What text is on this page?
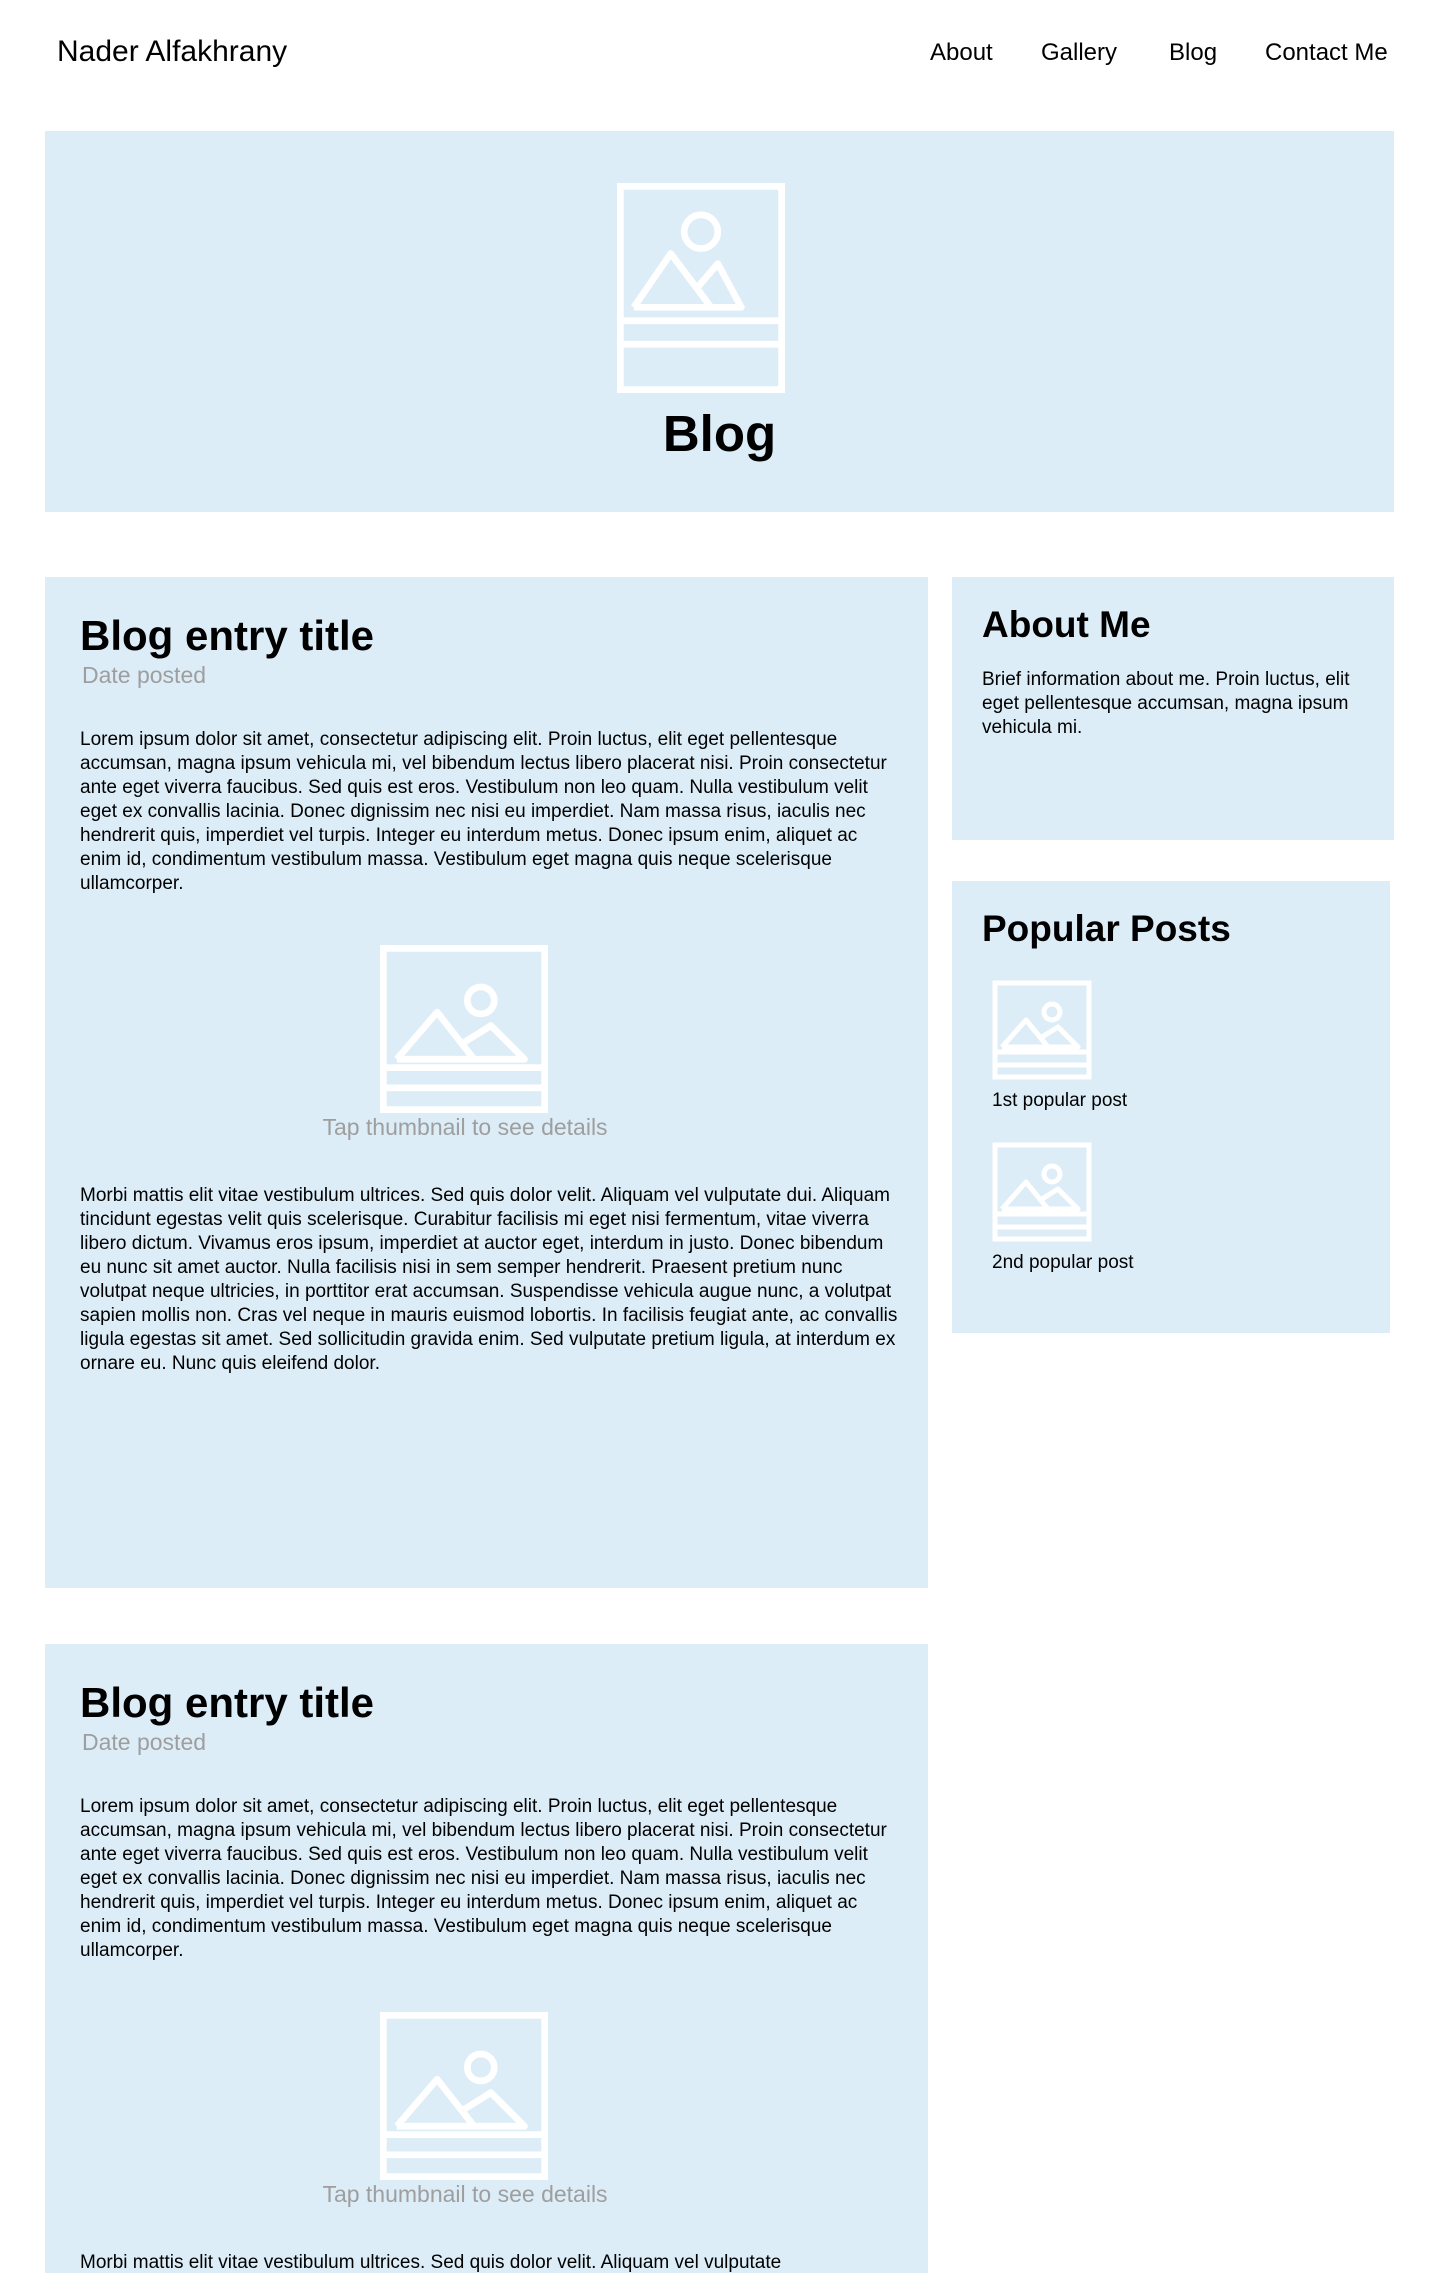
Nader Alfakhrany	About Gallery Blog Contact Me
Blog
Blog entry title
Date posted

Lorem ipsum dolor sit amet, consectetur adipiscing elit. Proin luctus, elit eget pellentesque accumsan, magna ipsum vehicula mi, vel bibendum lectus libero placerat nisi. Proin consectetur ante eget viverra faucibus. Sed quis est eros. Vestibulum non leo quam. Nulla vestibulum velit eget ex convallis lacinia. Donec dignissim nec nisi eu imperdiet. Nam massa risus, iaculis nec hendrerit quis, imperdiet vel turpis. Integer eu interdum metus. Donec ipsum enim, aliquet ac enim id, condimentum vestibulum massa. Vestibulum eget magna quis neque scelerisque ullamcorper.

Tap thumbnail to see details

Morbi mattis elit vitae vestibulum ultrices. Sed quis dolor velit. Aliquam vel vulputate dui. Aliquam tincidunt egestas velit quis scelerisque. Curabitur facilisis mi eget nisi fermentum, vitae viverra libero dictum. Vivamus eros ipsum, imperdiet at auctor eget, interdum in justo. Donec bibendum eu nunc sit amet auctor. Nulla facilisis nisi in sem semper hendrerit. Praesent pretium nunc volutpat neque ultricies, in porttitor erat accumsan. Suspendisse vehicula augue nunc, a volutpat sapien mollis non. Cras vel neque in mauris euismod lobortis. In facilisis feugiat ante, ac convallis ligula egestas sit amet. Sed sollicitudin gravida enim. Sed vulputate pretium ligula, at interdum ex ornare eu. Nunc quis eleifend dolor.

Blog entry title
Date posted

Lorem ipsum dolor sit amet, consectetur adipiscing elit. Proin luctus, elit eget pellentesque accumsan, magna ipsum vehicula mi, vel bibendum lectus libero placerat nisi. Proin consectetur ante eget viverra faucibus. Sed quis est eros. Vestibulum non leo quam. Nulla vestibulum velit eget ex convallis lacinia. Donec dignissim nec nisi eu imperdiet. Nam massa risus, iaculis nec hendrerit quis, imperdiet vel turpis. Integer eu interdum metus. Donec ipsum enim, aliquet ac enim id, condimentum vestibulum massa. Vestibulum eget magna quis neque scelerisque ullamcorper.

Tap thumbnail to see details

Morbi mattis elit vitae vestibulum ultrices. Sed quis dolor velit. Aliquam vel vulputate

About Me

Brief information about me. Proin luctus, elit eget pellentesque accumsan, magna ipsum vehicula mi.

Popular Posts
1st popular post
2nd popular post
